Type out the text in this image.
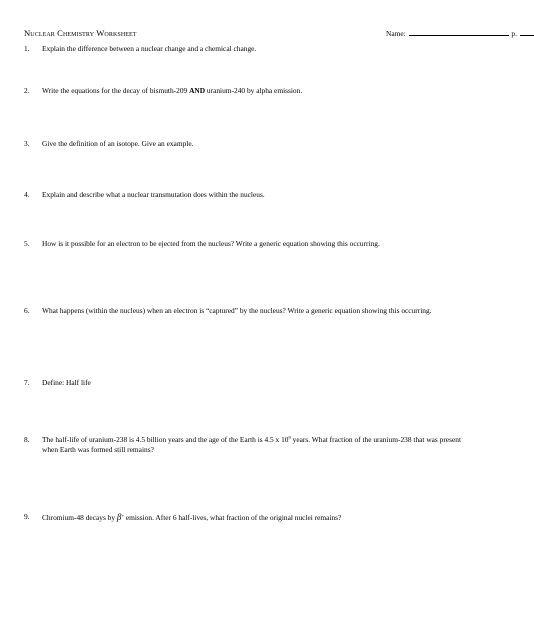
Nuclear Chemistry Worksheet	Name:	p.
1.	Explain the difference between a nuclear change and a chemical change.
2.	Write the equations for the decay of bismuth-209 AND uranium-240 by alpha emission.
3.	Give the definition of an isotope. Give an example.
4.	Explain and describe what a nuclear transmutation does within the nucleus.
5.	How is it possible for an electron to be ejected from the nucleus? Write a generic equation showing this occurring.
6.	What happens (within the nucleus) when an electron is “captured” by the nucleus? Write a generic equation showing this occurring.
7.	Define: Half life
8.	The half-life of uranium-238 is 4.5 billion years and the age of the Earth is 4.5 x $10^9$ years. What fraction of the uranium-238 that was present when Earth was formed still remains?
9.	Chromium-48 decays by β+ emission. After 6 half-lives, what fraction of the original nuclei remains?
